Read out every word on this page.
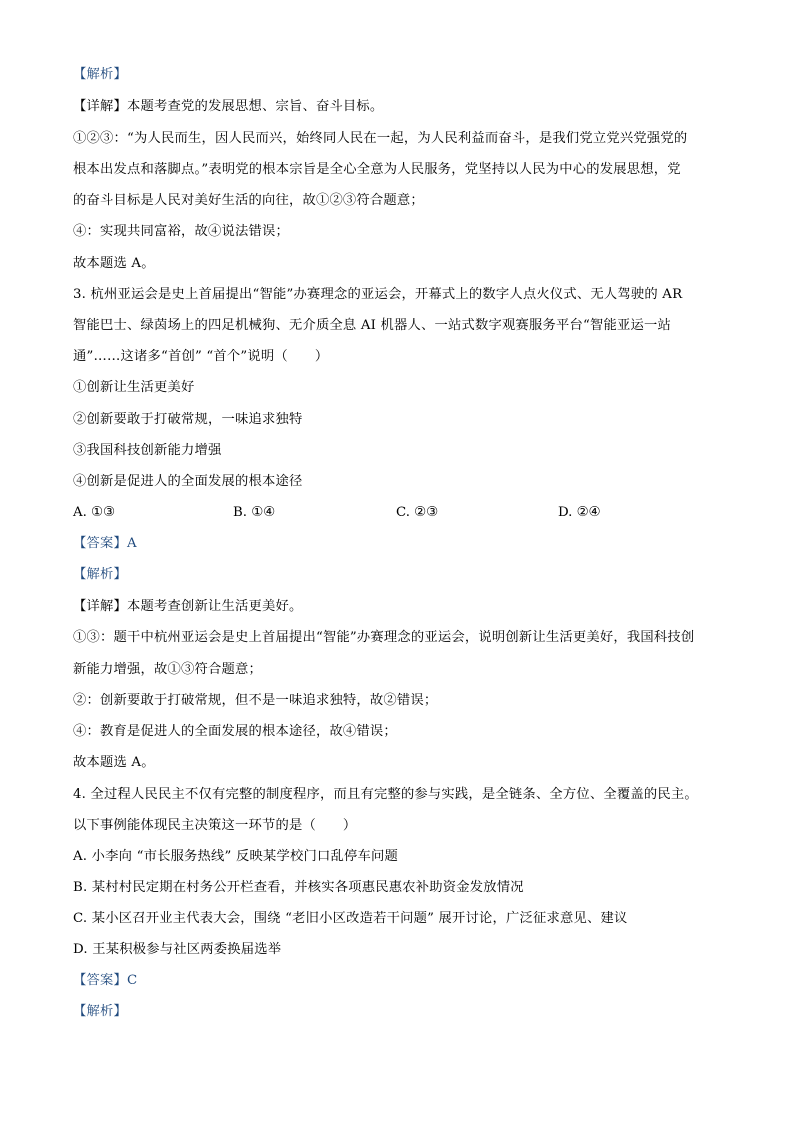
【解析】
【详解】本题考查党的发展思想、宗旨、奋斗目标。
①②③：“为人民而生，因人民而兴，始终同人民在一起，为人民利益而奋斗，是我们党立党兴党强党的
根本出发点和落脚点。”表明党的根本宗旨是全心全意为人民服务，党坚持以人民为中心的发展思想，党
的奋斗目标是人民对美好生活的向往，故①②③符合题意；
④：实现共同富裕，故④说法错误；
故本题选 A。
3. 杭州亚运会是史上首届提出“智能”办赛理念的亚运会，开幕式上的数字人点火仪式、无人驾驶的 AR
智能巴士、绿茵场上的四足机械狗、无介质全息 AI 机器人、一站式数字观赛服务平台“智能亚运一站
通”……这诸多“首创” “首个”说明（　　）
①创新让生活更美好
②创新要敢于打破常规，一味追求独特
③我国科技创新能力增强
④创新是促进人的全面发展的根本途径
A. ①③	B. ①④	C. ②③	D. ②④
【答案】A
【解析】
【详解】本题考查创新让生活更美好。
①③：题干中杭州亚运会是史上首届提出“智能”办赛理念的亚运会，说明创新让生活更美好，我国科技创
新能力增强，故①③符合题意；
②：创新要敢于打破常规，但不是一味追求独特，故②错误；
④：教育是促进人的全面发展的根本途径，故④错误；
故本题选 A。
4. 全过程人民民主不仅有完整的制度程序，而且有完整的参与实践，是全链条、全方位、全覆盖的民主。
以下事例能体现民主决策这一环节的是（　　）
A. 小李向 “市长服务热线” 反映某学校门口乱停车问题
B. 某村村民定期在村务公开栏查看，并核实各项惠民惠农补助资金发放情况
C. 某小区召开业主代表大会，围绕 “老旧小区改造若干问题” 展开讨论，广泛征求意见、建议
D. 王某积极参与社区两委换届选举
【答案】C
【解析】
